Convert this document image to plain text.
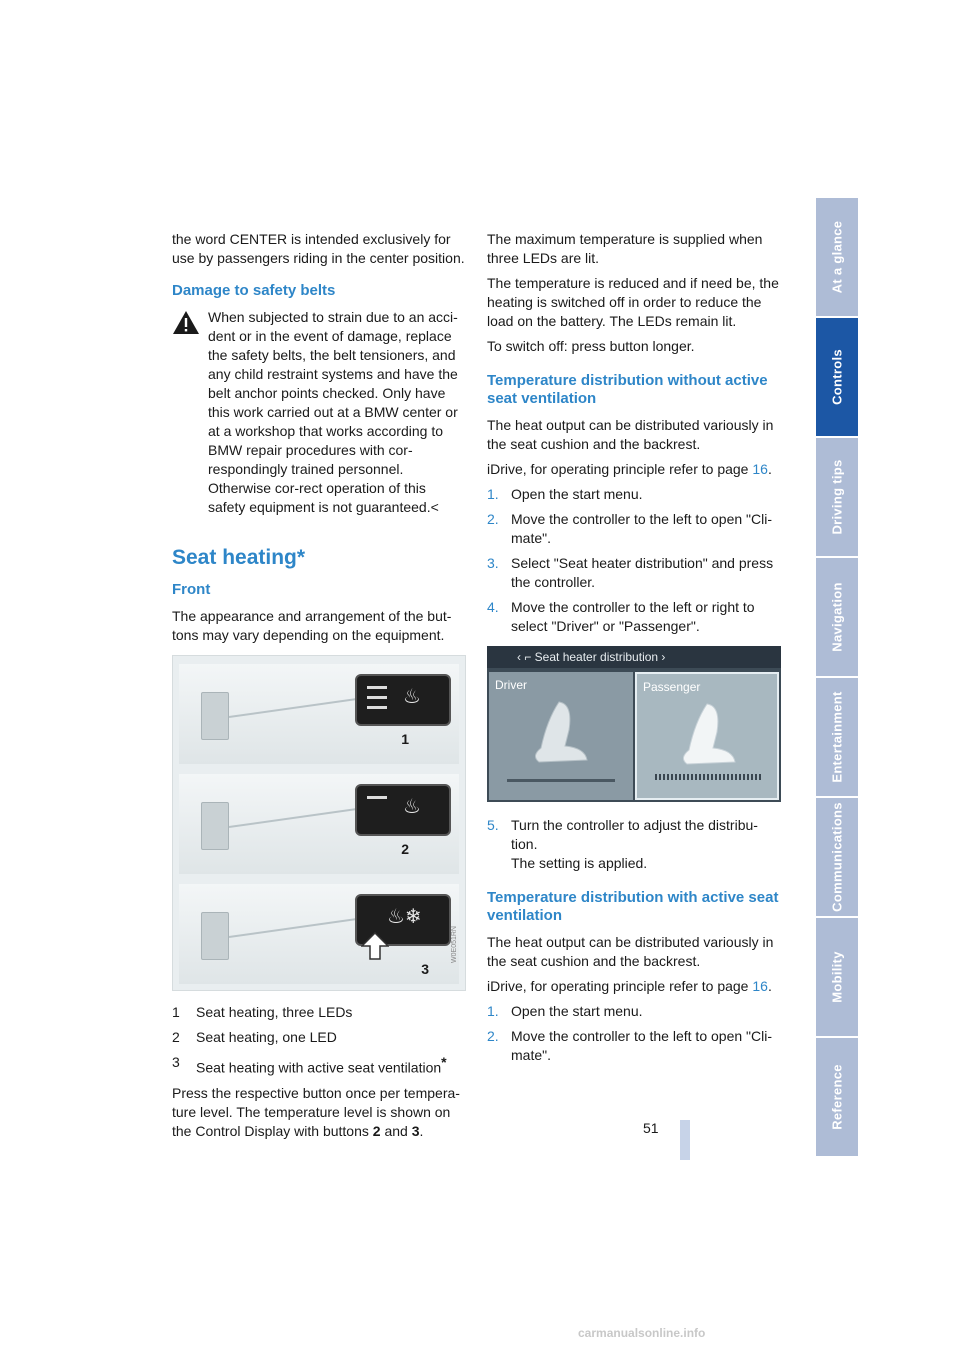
the word CENTER is intended exclusively for use by passengers riding in the center position.

Damage to safety belts

When subjected to strain due to an acci-dent or in the event of damage, replace the safety belts, the belt tensioners, and any child restraint systems and have the belt anchor points checked. Only have this work carried out at a BMW center or at a workshop that works according to BMW repair procedures with cor-respondingly trained personnel. Otherwise cor-rect operation of this safety equipment is not guaranteed.<

Seat heating*
Front

The appearance and arrangement of the but-tons may vary depending on the equipment.

♨
1
♨
2
♨❄
3
W0E051RN
1	Seat heating, three LEDs
2	Seat heating, one LED
3	Seat heating with active seat ventilation*

Press the respective button once per tempera-ture level. The temperature level is shown on the Control Display with buttons 2 and 3.

The maximum temperature is supplied when three LEDs are lit.

The temperature is reduced and if need be, the heating is switched off in order to reduce the load on the battery. The LEDs remain lit.

To switch off: press button longer.

Temperature distribution without active seat ventilation

The heat output can be distributed variously in the seat cushion and the backrest.

iDrive, for operating principle refer to page 16.

1. Open the start menu.
2. Move the controller to the left to open "Cli-mate".
3. Select "Seat heater distribution" and press the controller.
4. Move the controller to the left or right to select "Driver" or "Passenger".
‹ ⌐ Seat heater distribution ›
Driver	Passenger
5. Turn the controller to adjust the distribu-tion.
The setting is applied.
Temperature distribution with active seat ventilation

The heat output can be distributed variously in the seat cushion and the backrest.

iDrive, for operating principle refer to page 16.

1. Open the start menu.
2. Move the controller to the left to open "Cli-mate".
At a glance
Controls
Driving tips
Navigation
Entertainment
Communications
Mobility
Reference
51
carmanualsonline.info
